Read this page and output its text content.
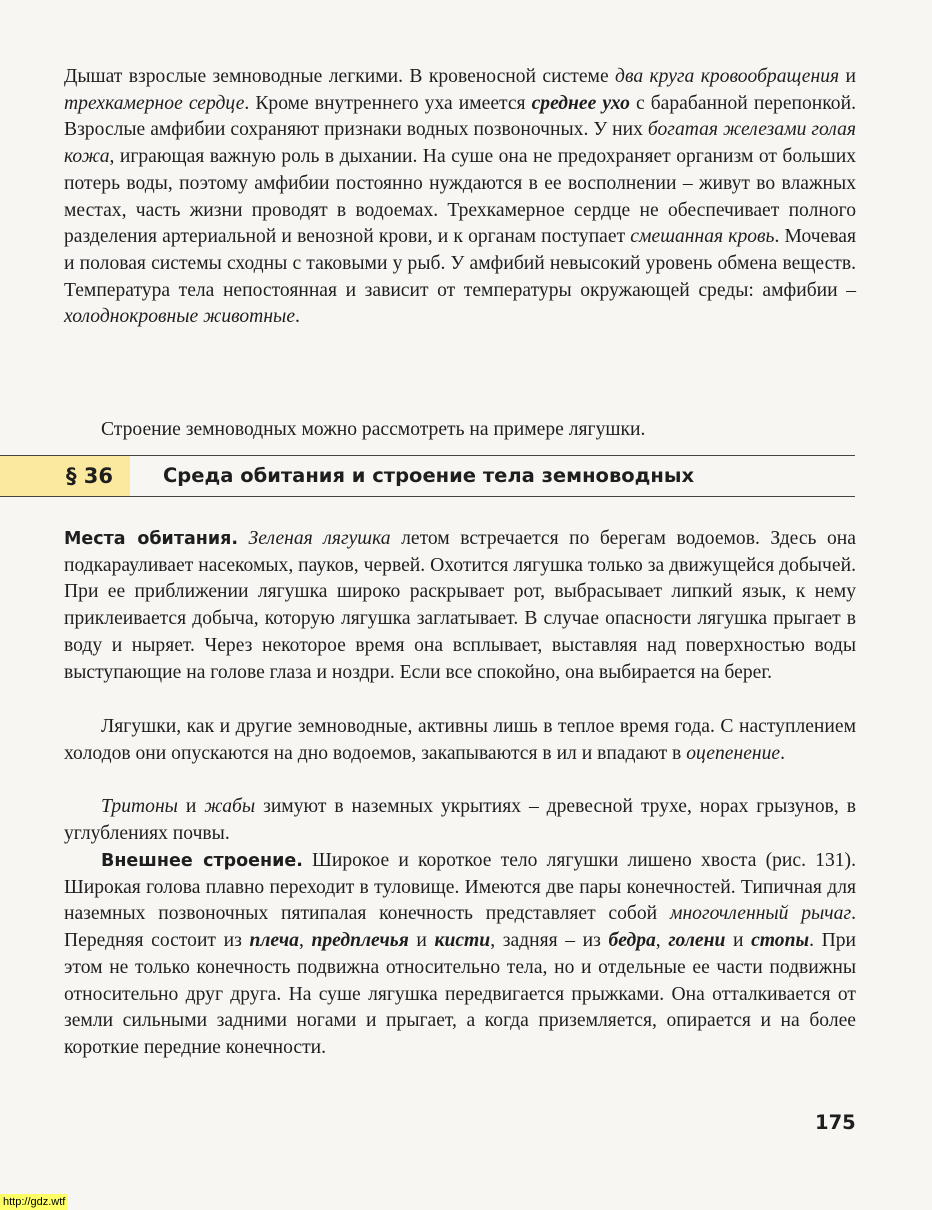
Дышат взрослые земноводные легкими. В кровеносной системе два круга кровообращения и трехкамерное сердце. Кроме внутреннего уха имеется среднее ухо с барабанной перепонкой. Взрослые амфибии сохраняют признаки водных позвоночных. У них богатая железами голая кожа, играющая важную роль в дыхании. На суше она не предохраняет организм от больших потерь воды, поэтому амфибии постоянно нуждаются в ее восполнении – живут во влажных местах, часть жизни проводят в водоемах. Трехкамерное сердце не обеспечивает полного разделения артериальной и венозной крови, и к органам поступает смешанная кровь. Мочевая и половая системы сходны с таковыми у рыб. У амфибий невысокий уровень обмена веществ. Температура тела непостоянная и зависит от температуры окружающей среды: амфибии – холоднокровные животные.

Строение земноводных можно рассмотреть на примере лягушки.

§ 36	Среда обитания и строение тела земноводных

Места обитания. Зеленая лягушка летом встречается по берегам водоемов. Здесь она подкарауливает насекомых, пауков, червей. Охотится лягушка только за движущейся добычей. При ее приближении лягушка широко раскрывает рот, выбрасывает липкий язык, к нему приклеивается добыча, которую лягушка заглатывает. В случае опасности лягушка прыгает в воду и ныряет. Через некоторое время она всплывает, выставляя над поверхностью воды выступающие на голове глаза и ноздри. Если все спокойно, она выбирается на берег.

Лягушки, как и другие земноводные, активны лишь в теплое время года. С наступлением холодов они опускаются на дно водоемов, закапываются в ил и впадают в оцепенение.

Тритоны и жабы зимуют в наземных укрытиях – древесной трухе, норах грызунов, в углублениях почвы.

Внешнее строение. Широкое и короткое тело лягушки лишено хвоста (рис. 131). Широкая голова плавно переходит в туловище. Имеются две пары конечностей. Типичная для наземных позвоночных пятипалая конечность представляет собой многочленный рычаг. Передняя состоит из плеча, предплечья и кисти, задняя – из бедра, голени и стопы. При этом не только конечность подвижна относительно тела, но и отдельные ее части подвижны относительно друг друга. На суше лягушка передвигается прыжками. Она отталкивается от земли сильными задними ногами и прыгает, а когда приземляется, опирается и на более короткие передние конечности.

175
http://gdz.wtf
